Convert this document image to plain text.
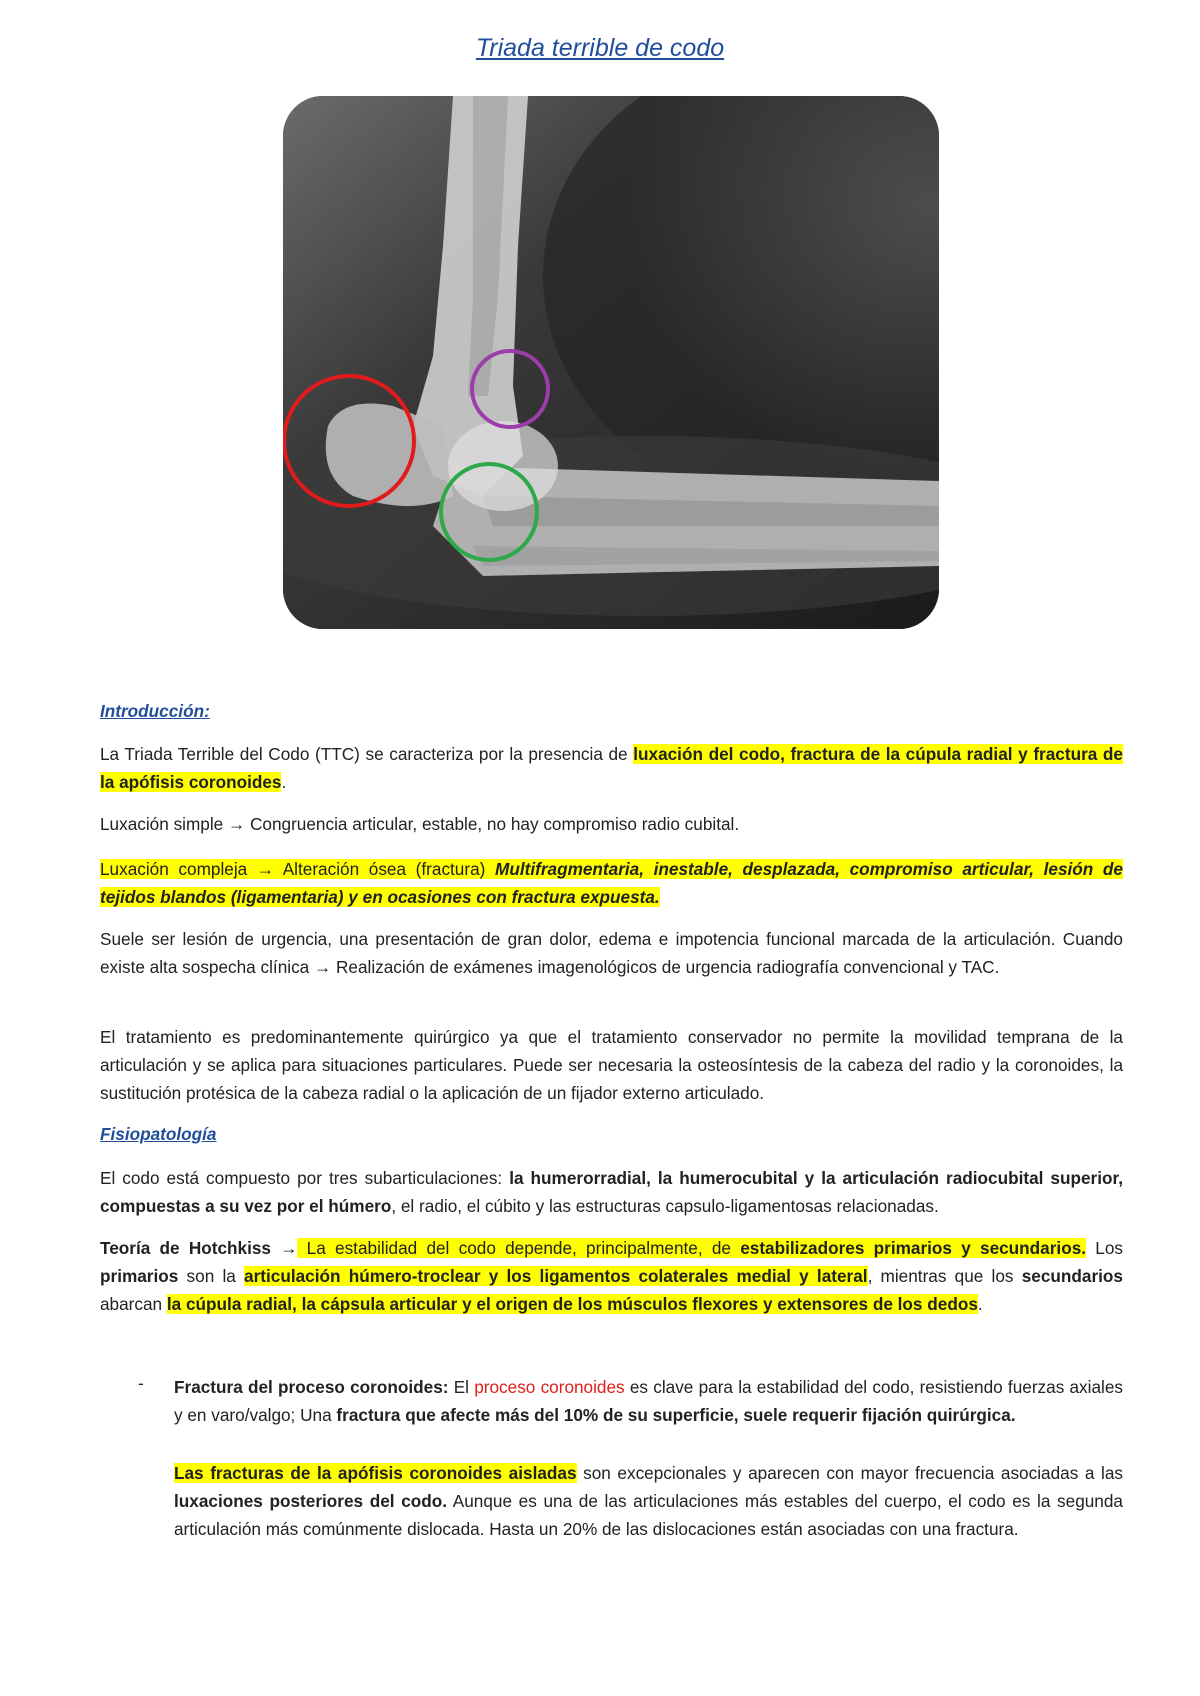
Triada terrible de codo
Introducción:
La Triada Terrible del Codo (TTC) se caracteriza por la presencia de luxación del codo, fractura de la cúpula radial y fractura de la apófisis coronoides.
Luxación simple → Congruencia articular, estable, no hay compromiso radio cubital.
Luxación compleja → Alteración ósea (fractura) Multifragmentaria, inestable, desplazada, compromiso articular, lesión de tejidos blandos (ligamentaria) y en ocasiones con fractura expuesta.
Suele ser lesión de urgencia, una presentación de gran dolor, edema e impotencia funcional marcada de la articulación. Cuando existe alta sospecha clínica → Realización de exámenes imagenológicos de urgencia radiografía convencional y TAC.
El tratamiento es predominantemente quirúrgico ya que el tratamiento conservador no permite la movilidad temprana de la articulación y se aplica para situaciones particulares. Puede ser necesaria la osteosíntesis de la cabeza del radio y la coronoides, la sustitución protésica de la cabeza radial o la aplicación de un fijador externo articulado.
Fisiopatología
El codo está compuesto por tres subarticulaciones: la humerorradial, la humerocubital y la articulación radiocubital superior, compuestas a su vez por el húmero, el radio, el cúbito y las estructuras capsulo-ligamentosas relacionadas.
Teoría de Hotchkiss → La estabilidad del codo depende, principalmente, de estabilizadores primarios y secundarios. Los primarios son la articulación húmero-troclear y los ligamentos colaterales medial y lateral, mientras que los secundarios abarcan la cúpula radial, la cápsula articular y el origen de los músculos flexores y extensores de los dedos.
- Fractura del proceso coronoides: El proceso coronoides es clave para la estabilidad del codo, resistiendo fuerzas axiales y en varo/valgo; Una fractura que afecte más del 10% de su superficie, suele requerir fijación quirúrgica.
Las fracturas de la apófisis coronoides aisladas son excepcionales y aparecen con mayor frecuencia asociadas a las luxaciones posteriores del codo. Aunque es una de las articulaciones más estables del cuerpo, el codo es la segunda articulación más comúnmente dislocada. Hasta un 20% de las dislocaciones están asociadas con una fractura.
